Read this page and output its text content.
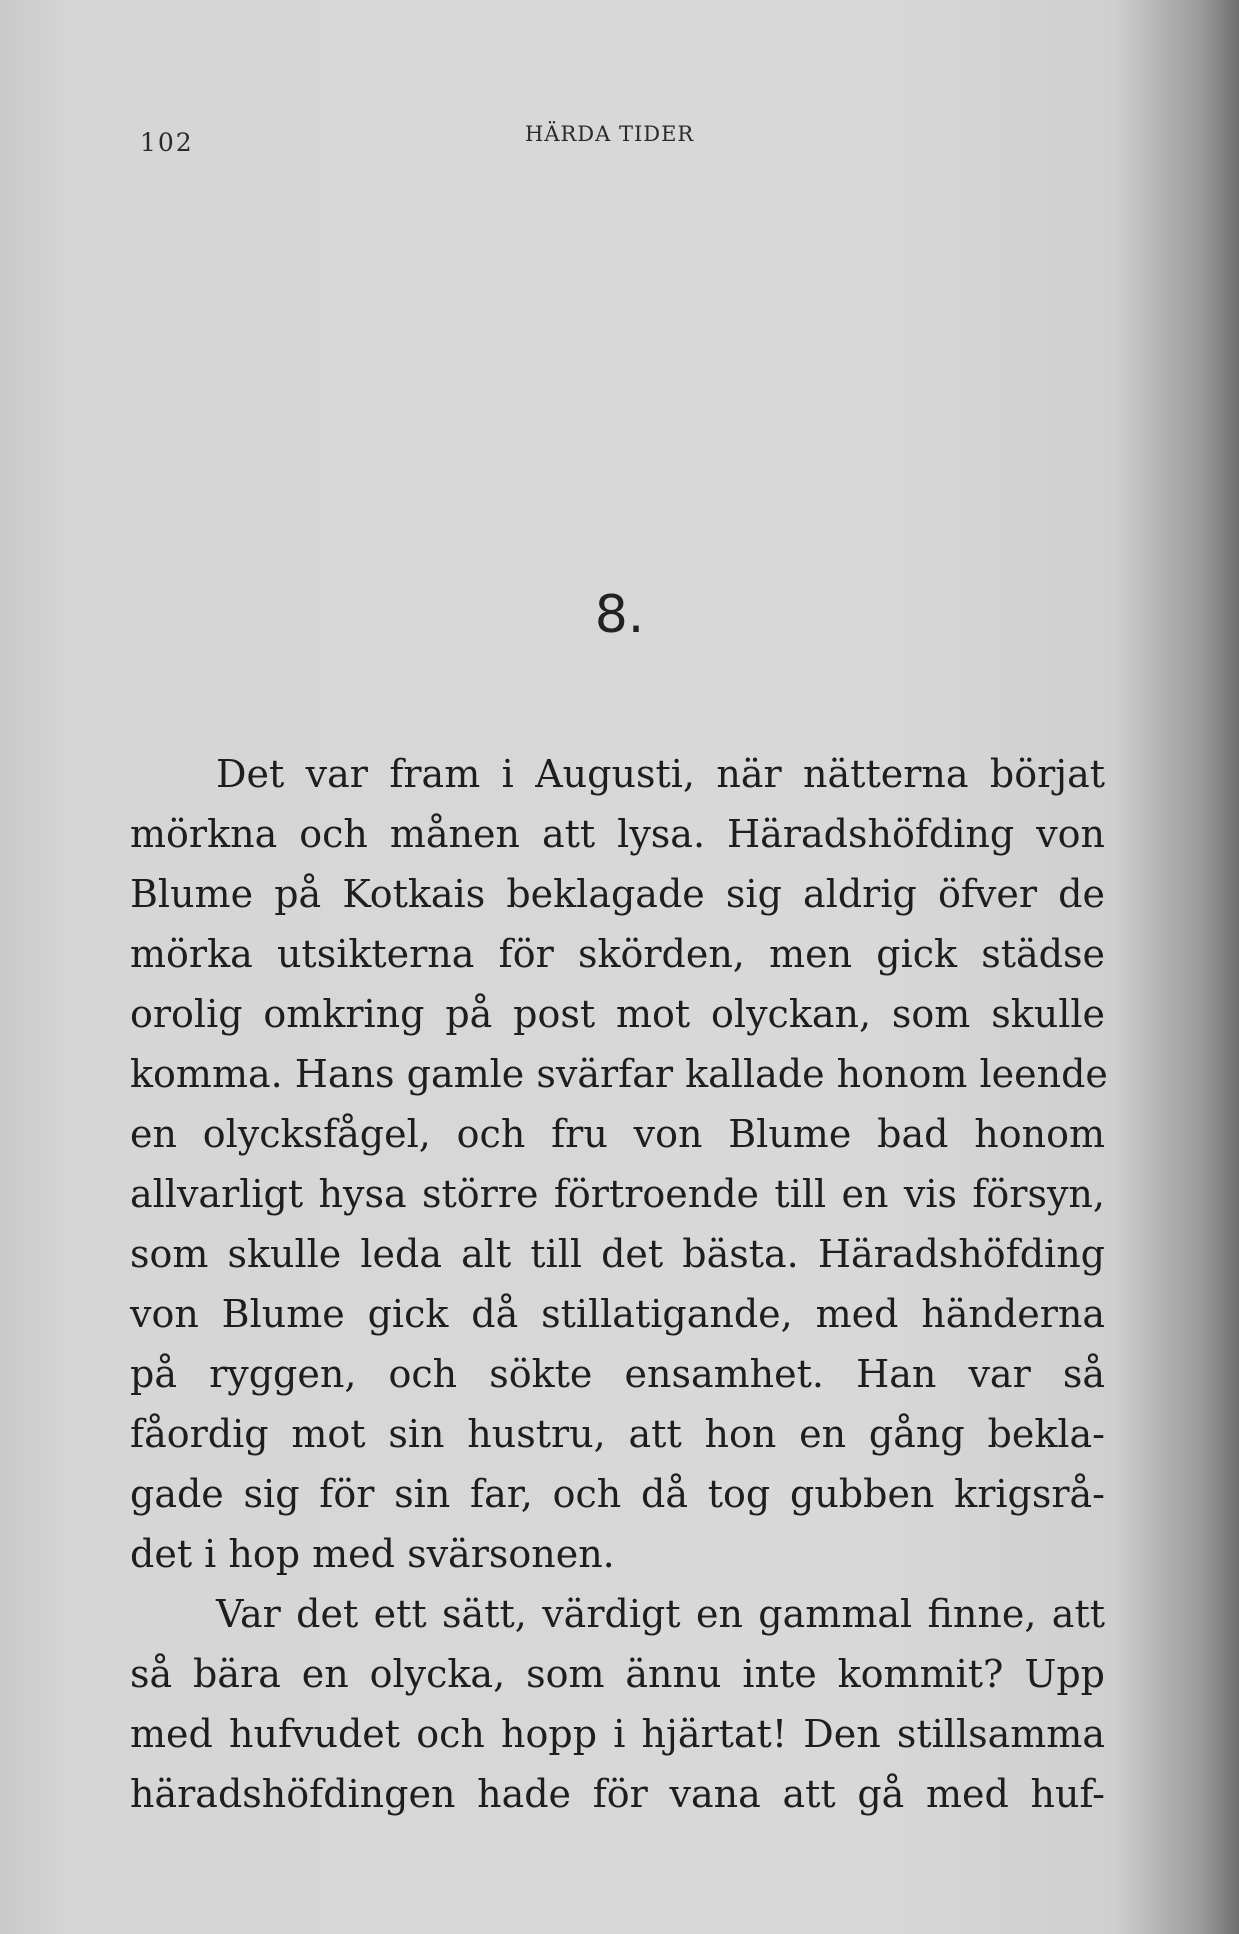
102	HÄRDA TIDER
8.
Det var fram i Augusti, när nätterna börjat
mörkna och månen att lysa. Häradshöfding von
Blume på Kotkais beklagade sig aldrig öfver de
mörka utsikterna för skörden, men gick städse
orolig omkring på post mot olyckan, som skulle
komma. Hans gamle svärfar kallade honom leende
en olycksfågel, och fru von Blume bad honom
allvarligt hysa större förtroende till en vis försyn,
som skulle leda alt till det bästa. Häradshöfding
von Blume gick då stillatigande, med händerna
på ryggen, och sökte ensamhet. Han var så
fåordig mot sin hustru, att hon en gång bekla-
gade sig för sin far, och då tog gubben krigsrå-
det i hop med svärsonen.
Var det ett sätt, värdigt en gammal finne, att
så bära en olycka, som ännu inte kommit? Upp
med hufvudet och hopp i hjärtat! Den stillsamma
häradshöfdingen hade för vana att gå med huf-
